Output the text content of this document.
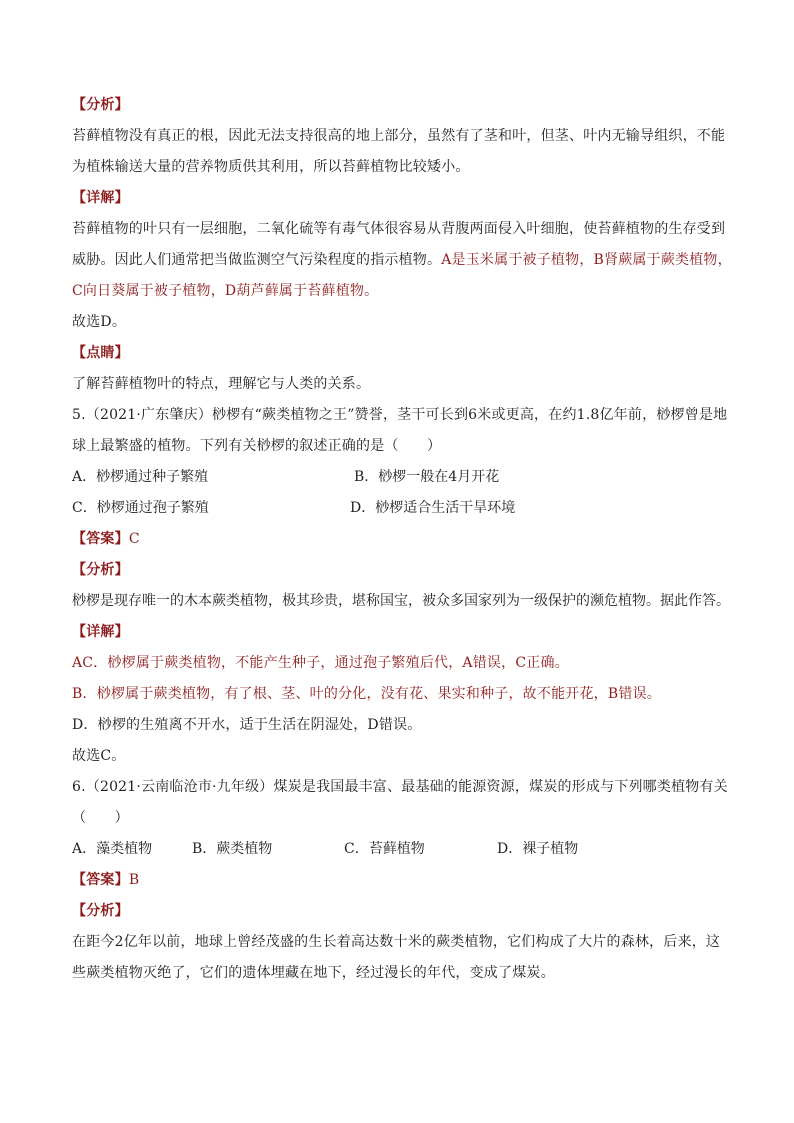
【分析】
苔藓植物没有真正的根，因此无法支持很高的地上部分，虽然有了茎和叶，但茎、叶内无输导组织，不能
为植株输送大量的营养物质供其利用，所以苔藓植物比较矮小。
【详解】
苔藓植物的叶只有一层细胞，二氧化硫等有毒气体很容易从背腹两面侵入叶细胞，使苔藓植物的生存受到
威胁。因此人们通常把当做监测空气污染程度的指示植物。A是玉米属于被子植物，B肾蕨属于蕨类植物，
C向日葵属于被子植物，D葫芦藓属于苔藓植物。
故选D。
【点睛】
了解苔藓植物叶的特点，理解它与人类的关系。
5.（2021·广东肇庆）桫椤有“蕨类植物之王”赞誉，茎干可长到6米或更高，在约1.8亿年前，桫椤曾是地
球上最繁盛的植物。下列有关桫椤的叙述正确的是（　　）
A．桫椤通过种子繁殖	B．桫椤一般在4月开花
C．桫椤通过孢子繁殖	D．桫椤适合生活干旱环境
【答案】C
【分析】
桫椤是现存唯一的木本蕨类植物，极其珍贵，堪称国宝，被众多国家列为一级保护的濒危植物。据此作答。
【详解】
AC．桫椤属于蕨类植物，不能产生种子，通过孢子繁殖后代，A错误，C正确。
B．桫椤属于蕨类植物，有了根、茎、叶的分化，没有花、果实和种子，故不能开花，B错误。
D．桫椤的生殖离不开水，适于生活在阴湿处，D错误。
故选C。
6.（2021·云南临沧市·九年级）煤炭是我国最丰富、最基础的能源资源，煤炭的形成与下列哪类植物有关
（　　）
A．藻类植物	B．蕨类植物	C．苔藓植物	D．裸子植物
【答案】B
【分析】
在距今2亿年以前，地球上曾经茂盛的生长着高达数十米的蕨类植物，它们构成了大片的森林，后来，这
些蕨类植物灭绝了，它们的遗体埋藏在地下，经过漫长的年代，变成了煤炭。
